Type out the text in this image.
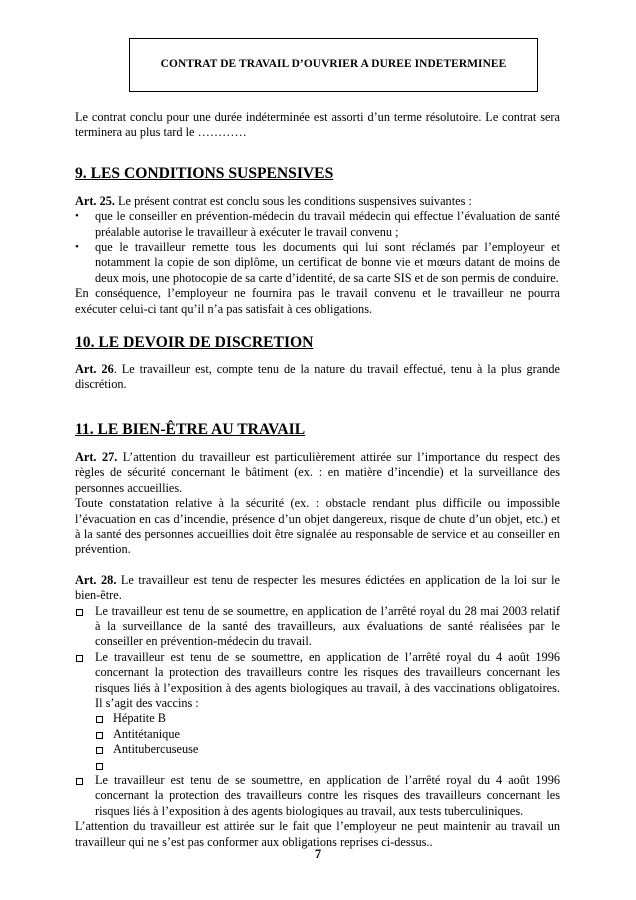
CONTRAT DE TRAVAIL D’OUVRIER A DUREE INDETERMINEE

Le contrat conclu pour une durée indéterminée est assorti d’un terme résolutoire. Le contrat sera terminera au plus tard le …………

9. LES CONDITIONS SUSPENSIVES

Art. 25. Le présent contrat est conclu sous les conditions suspensives suivantes :

• que le conseiller en prévention-médecin du travail médecin qui effectue l’évaluation de santé préalable autorise le travailleur à exécuter le travail convenu ;
• que le travailleur remette tous les documents qui lui sont réclamés par l’employeur et notamment la copie de son diplôme, un certificat de bonne vie et mœurs datant de moins de deux mois, une photocopie de sa carte d’identité, de sa carte SIS et de son permis de conduire.

En conséquence, l’employeur ne fournira pas le travail convenu et le travailleur ne pourra exécuter celui-ci tant qu’il n’a pas satisfait à ces obligations.

10. LE DEVOIR DE DISCRETION

Art. 26. Le travailleur est, compte tenu de la nature du travail effectué, tenu à la plus grande discrétion.

11. LE BIEN-ÊTRE AU TRAVAIL

Art. 27. L’attention du travailleur est particulièrement attirée sur l’importance du respect des règles de sécurité concernant le bâtiment (ex. : en matière d’incendie) et la surveillance des personnes accueillies.

Toute constatation relative à la sécurité (ex. : obstacle rendant plus difficile ou impossible l’évacuation en cas d’incendie, présence d’un objet dangereux, risque de chute d’un objet, etc.) et à la santé des personnes accueillies doit être signalée au responsable de service et au conseiller en prévention.

Art. 28. Le travailleur est tenu de respecter les mesures édictées en application de la loi sur le bien-être.

Le travailleur est tenu de se soumettre, en application de l’arrêté royal du 28 mai 2003 relatif à la surveillance de la santé des travailleurs, aux évaluations de santé réalisées par le conseiller en prévention-médecin du travail.
Le travailleur est tenu de se soumettre, en application de l’arrêté royal du 4 août 1996 concernant la protection des travailleurs contre les risques des travailleurs concernant les risques liés à l’exposition à des agents biologiques au travail, à des vaccinations obligatoires. Il s’agit des vaccins :
Hépatite B
Antitétanique
Antitubercuseuse
Le travailleur est tenu de se soumettre, en application de l’arrêté royal du 4 août 1996 concernant la protection des travailleurs contre les risques des travailleurs concernant les risques liés à l’exposition à des agents biologiques au travail, aux tests tuberculiniques.

L’attention du travailleur est attirée sur le fait que l’employeur ne peut maintenir au travail un travailleur qui ne s’est pas conformer aux obligations reprises ci-dessus..

7
